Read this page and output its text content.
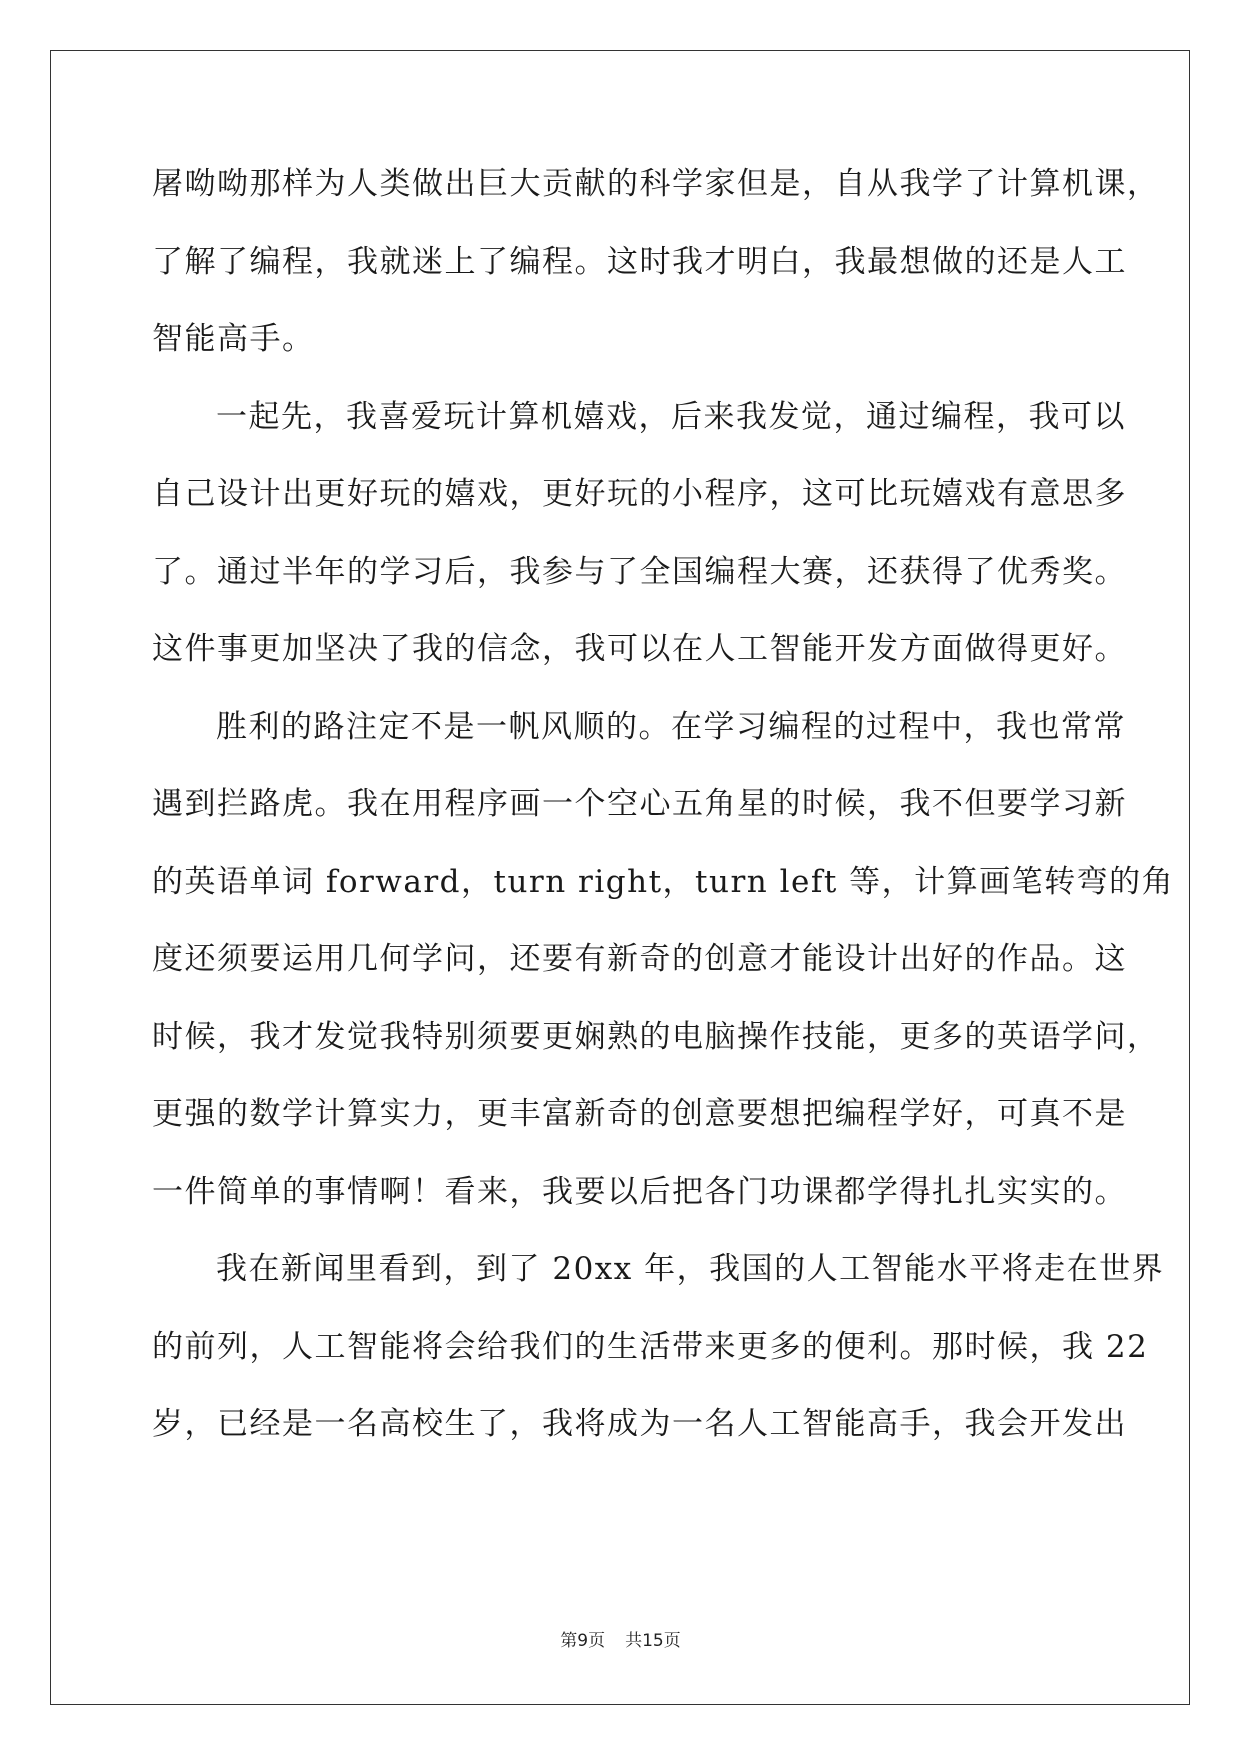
屠呦呦那样为人类做出巨大贡献的科学家但是，自从我学了计算机课，
了解了编程，我就迷上了编程。这时我才明白，我最想做的还是人工
智能高手。
一起先，我喜爱玩计算机嬉戏，后来我发觉，通过编程，我可以
自己设计出更好玩的嬉戏，更好玩的小程序，这可比玩嬉戏有意思多
了。通过半年的学习后，我参与了全国编程大赛，还获得了优秀奖。
这件事更加坚决了我的信念，我可以在人工智能开发方面做得更好。
胜利的路注定不是一帆风顺的。在学习编程的过程中，我也常常
遇到拦路虎。我在用程序画一个空心五角星的时候，我不但要学习新
的英语单词 forward，turn right，turn left 等，计算画笔转弯的角
度还须要运用几何学问，还要有新奇的创意才能设计出好的作品。这
时候，我才发觉我特别须要更娴熟的电脑操作技能，更多的英语学问，
更强的数学计算实力，更丰富新奇的创意要想把编程学好，可真不是
一件简单的事情啊！看来，我要以后把各门功课都学得扎扎实实的。
我在新闻里看到，到了 20xx 年，我国的人工智能水平将走在世界
的前列，人工智能将会给我们的生活带来更多的便利。那时候，我 22
岁，已经是一名高校生了，我将成为一名人工智能高手，我会开发出
第9页 共15页
